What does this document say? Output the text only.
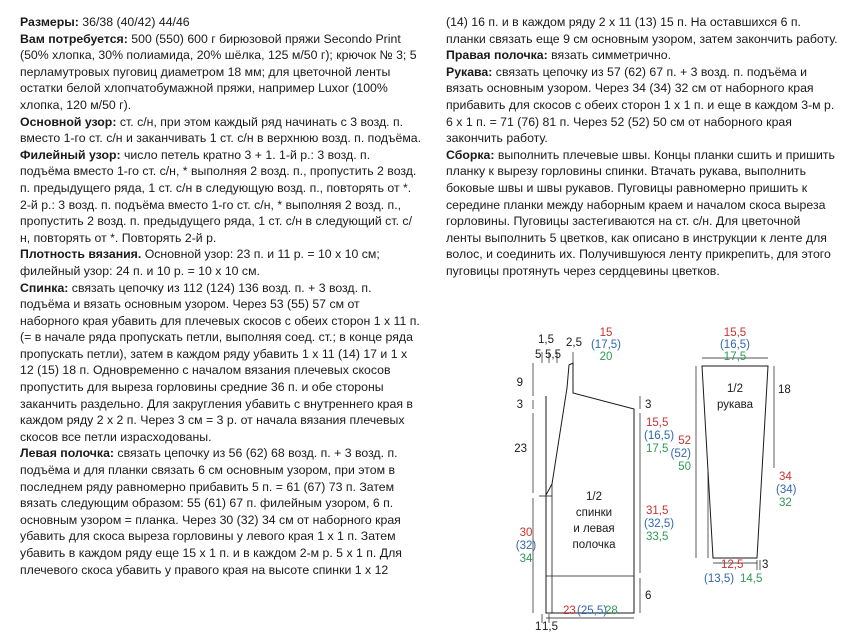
Размеры: 36/38 (40/42) 44/46

Вам потребуется: 500 (550) 600 г бирюзовой пряжи Secondo Print (50% хлопка, 30% полиамида, 20% шёлка, 125 м/50 г); крючок № 3; 5 перламутровых пуговиц диаметром 18 мм; для цветочной ленты остатки белой хлопчатобумажной пряжи, например Luxor (100% хлопка, 120 м/50 г).

Основной узор: ст. с/н, при этом каждый ряд начинать с 3 возд. п. вместо 1-го ст. с/н и заканчивать 1 ст. с/н в верхнюю возд. п. подъёма.

Филейный узор: число петель кратно 3 + 1. 1-й р.: 3 возд. п. подъёма вместо 1-го ст. с/н, * выполняя 2 возд. п., пропустить 2 возд. п. предыдущего ряда, 1 ст. с/н в следующую возд. п., повторять от *. 2-й р.: 3 возд. п. подъёма вместо 1-го ст. с/н, * выполняя 2 возд. п., пропустить 2 возд. п. предыдущего ряда, 1 ст. с/н в следующий ст. с/н, повторять от *. Повторять 2-й р.

Плотность вязания. Основной узор: 23 п. и 11 р. = 10 х 10 см; филейный узор: 24 п. и 10 р. = 10 х 10 см.

Спинка: связать цепочку из 112 (124) 136 возд. п. + 3 возд. п. подъёма и вязать основным узором. Через 53 (55) 57 см от наборного края убавить для плечевых скосов с обеих сторон 1 х 11 п. (= в начале ряда пропускать петли, выполняя соед. ст.; в конце ряда пропускать петли), затем в каждом ряду убавить 1 х 11 (14) 17 и 1 х 12 (15) 18 п. Одновременно с началом вязания плечевых скосов пропустить для выреза горловины средние 36 п. и обе стороны заканчить раздельно. Для закругления убавить с внутреннего края в каждом ряду 2 х 2 п. Через 3 см = 3 р. от начала вязания плечевых скосов все петли израсходованы.

Левая полочка: связать цепочку из 56 (62) 68 возд. п. + 3 возд. п. подъёма и для планки связать 6 см основным узором, при этом в последнем ряду равномерно прибавить 5 п. = 61 (67) 73 п. Затем вязать следующим образом: 55 (61) 67 п. филейным узором, 6 п. основным узором = планка. Через 30 (32) 34 см от наборного края убавить для скоса выреза горловины у левого края 1 х 1 п. Затем убавить в каждом ряду еще 15 х 1 п. и в каждом 2-м р. 5 х 1 п. Для плечевого скоса убавить у правого края на высоте спинки 1 х 12

(14) 16 п. и в каждом ряду 2 х 11 (13) 15 п. На оставшихся 6 п. планки связать еще 9 см основным узором, затем закончить работу.

Правая полочка: вязать симметрично.

Рукава: связать цепочку из 57 (62) 67 п. + 3 возд. п. подъёма и вязать основным узором. Через 34 (34) 32 см от наборного края прибавить для скосов с обеих сторон 1 х 1 п. и еще в каждом 3-м р. 6 х 1 п. = 71 (76) 81 п. Через 52 (52) 50 см от наборного края закончить работу.

Сборка: выполнить плечевые швы. Концы планки сшить и пришить планку к вырезу горловины спинки. Втачать рукава, выполнить боковые швы и швы рукавов. Пуговицы равномерно пришить к середине планки между наборным краем и началом скоса выреза горловины. Пуговицы застегиваются на ст. с/н. Для цветочной ленты выполнить 5 цветков, как описано в инструкции к ленте для волос, и соединить их. Получившуюся ленту прикрепить, для этого пуговицы протянуть через сердцевины цветков.

1/2
спинки
и левая
полочка
1,5 2,5
5,5
5
15
(17,5)
20
9
3
23
30
(32)
34
3
15,5
(16,5)
17,5
31,5
(32,5)
33,5
6
23 (25,5)
28
1 1,5
1/2
рукава
15,5
(16,5)
17,5
18
52
(52)
50
34
(34)
32
12,5
(13,5) 14,5
3
